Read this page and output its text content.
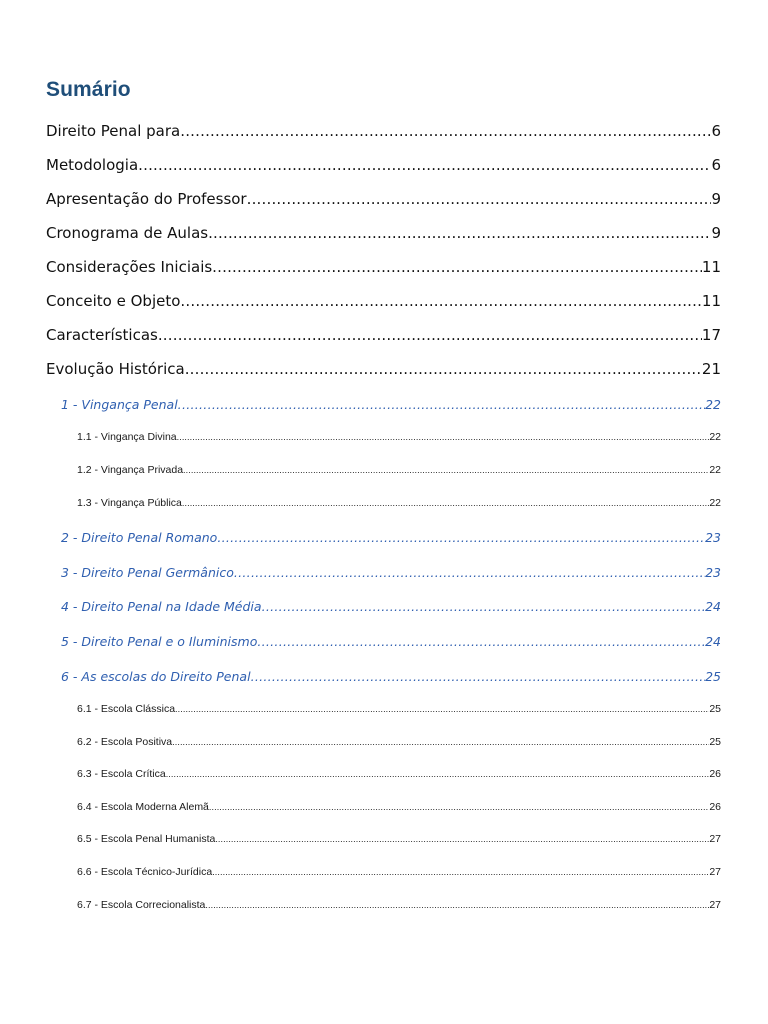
Sumário
Direito Penal para .....	6
Metodologia .....	6
Apresentação do Professor .....	9
Cronograma de Aulas .....	9
Considerações Iniciais .....	11
Conceito e Objeto .....	11
Características .....	17
Evolução Histórica .....	21
1 - Vingança Penal .....	22
1.1 - Vingança Divina .....	22
1.2 - Vingança Privada .....	22
1.3 - Vingança Pública .....	22
2 - Direito Penal Romano .....	23
3 - Direito Penal Germânico .....	23
4 - Direito Penal na Idade Média .....	24
5 - Direito Penal e o Iluminismo .....	24
6 - As escolas do Direito Penal .....	25
6.1 - Escola Clássica .....	25
6.2 - Escola Positiva .....	25
6.3 - Escola Crítica .....	26
6.4 - Escola Moderna Alemã .....	26
6.5 - Escola Penal Humanista .....	27
6.6 - Escola Técnico-Jurídica .....	27
6.7 - Escola Correcionalista .....	27
